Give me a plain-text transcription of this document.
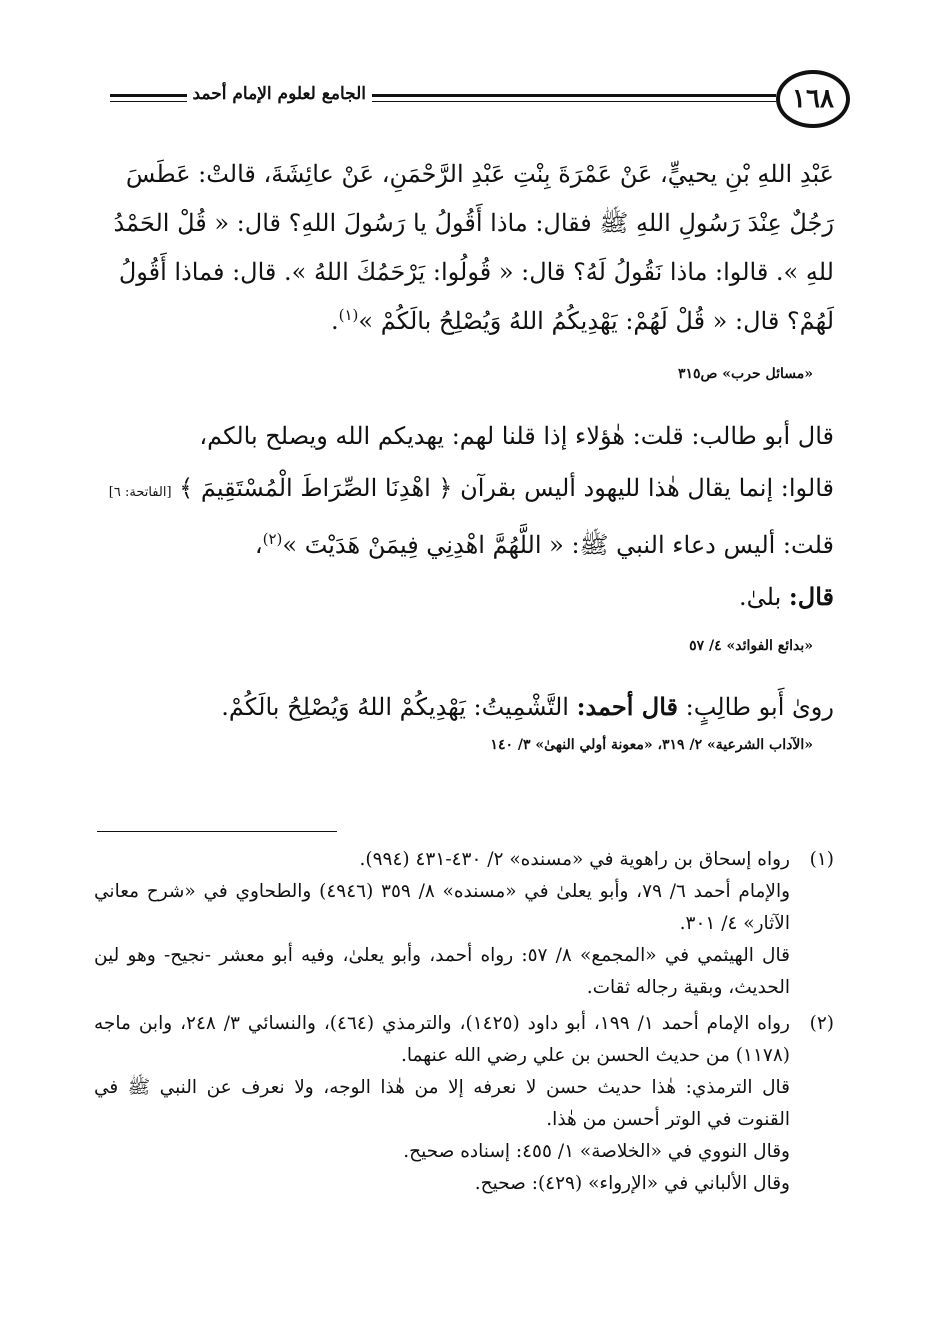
الجامع لعلوم الإمام أحمد	١٦٨
عَبْدِ اللهِ بْنِ يحييٍّ، عَنْ عَمْرَةَ بِنْتِ عَبْدِ الرَّحْمَنِ، عَنْ عائِشَةَ، قالتْ: عَطَسَ
رَجُلٌ عِنْدَ رَسُولِ اللهِ ﷺ فقال: ماذا أَقُولُ يا رَسُولَ اللهِ؟ قال: « قُلْ الحَمْدُ
للهِ ». قالوا: ماذا نَقُولُ لَهُ؟ قال: « قُولُوا: يَرْحَمُكَ اللهُ ». قال: فماذا أَقُولُ
لَهُمْ؟ قال: « قُلْ لَهُمْ: يَهْدِيكُمُ اللهُ وَيُصْلِحُ بالَكُمْ »$^{(١)}$.
«مسائل حرب» ص٣١٥
قال أبو طالب: قلت: هٰؤلاء إذا قلنا لهم: يهديكم الله ويصلح بالكم،
قالوا: إنما يقال هٰذا لليهود أليس بقرآن ﴿ اهْدِنَا الصِّرَاطَ الْمُسْتَقِيمَ ﴾ [الفاتحة: ٦]
قلت: أليس دعاء النبي ﷺ: « اللَّهُمَّ اهْدِنِي فِيمَنْ هَدَيْتَ »$^{(٢)}$،
قال: بلىٰ.
«بدائع الفوائد» ٤/ ٥٧
روىٰ أَبو طالِبٍ: قال أحمد: التَّشْمِيتُ: يَهْدِيكُمْ اللهُ وَيُصْلِحُ بالَكُمْ.
«الآداب الشرعية» ٢/ ٣١٩، «معونة أولي النهىٰ» ٣/ ١٤٠
(١)

رواه إسحاق بن راهوية في «مسنده» ٢/ ٤٣٠-٤٣١ (٩٩٤).

والإمام أحمد ٦/ ٧٩، وأبو يعلىٰ في «مسنده» ٨/ ٣٥٩ (٤٩٤٦) والطحاوي في «شرح معاني الآثار» ٤/ ٣٠١.

قال الهيثمي في «المجمع» ٨/ ٥٧: رواه أحمد، وأبو يعلىٰ، وفيه أبو معشر -نجيح- وهو لين الحديث، وبقية رجاله ثقات.

(٢)

رواه الإمام أحمد ١/ ١٩٩، أبو داود (١٤٢٥)، والترمذي (٤٦٤)، والنسائي ٣/ ٢٤٨، وابن ماجه (١١٧٨) من حديث الحسن بن علي رضي الله عنهما.

قال الترمذي: هٰذا حديث حسن لا نعرفه إلا من هٰذا الوجه، ولا نعرف عن النبي ﷺ في القنوت في الوتر أحسن من هٰذا.

وقال النووي في «الخلاصة» ١/ ٤٥٥: إسناده صحيح.

وقال الألباني في «الإرواء» (٤٢٩): صحيح.
